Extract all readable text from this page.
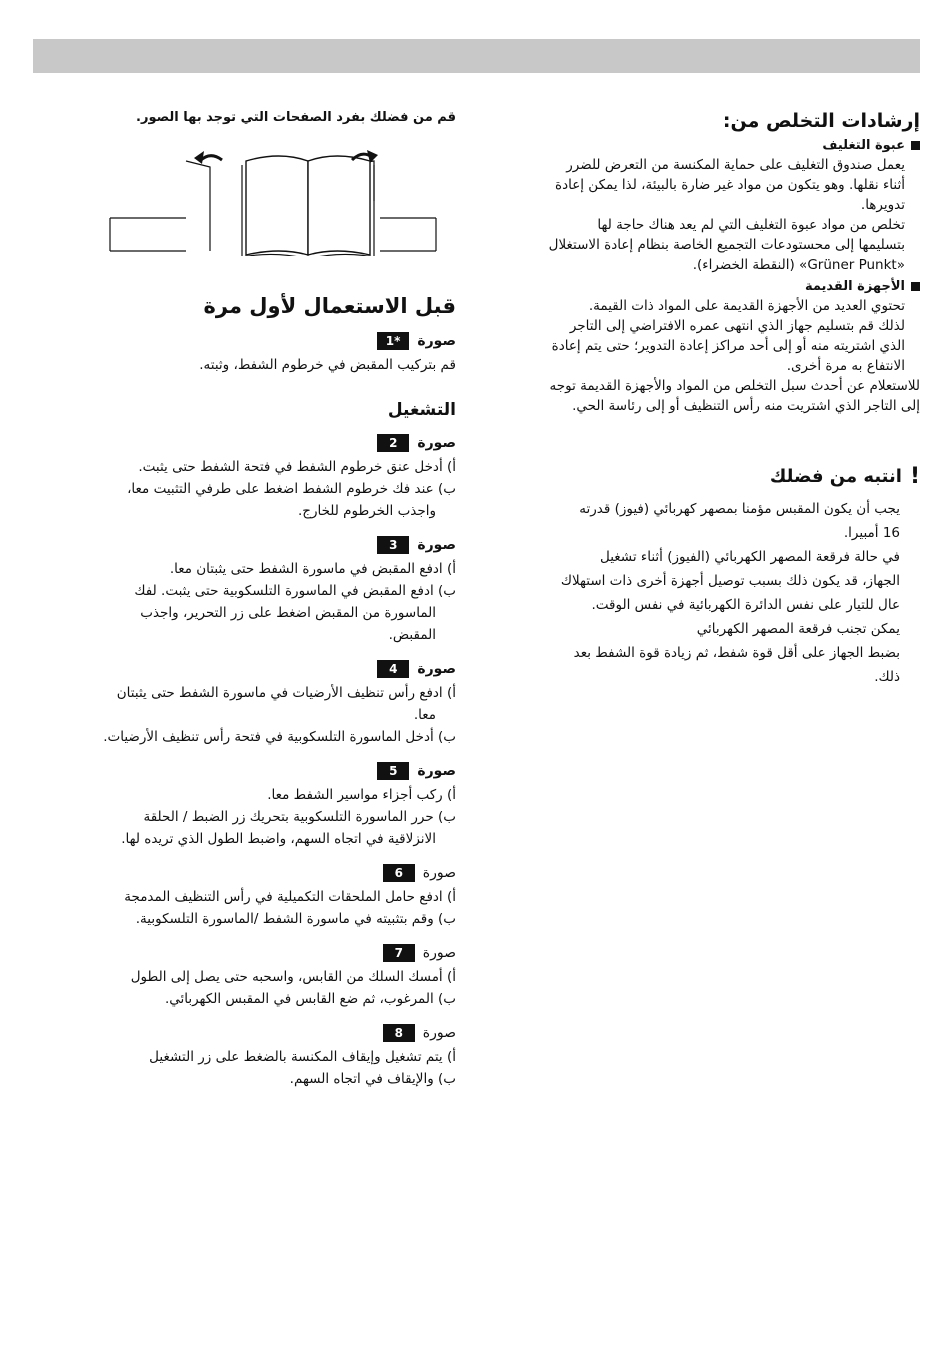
إرشادات التخلص من:
عبوة التغليف

يعمل صندوق التغليف على حماية المكنسة من التعرض للضرر

أثناء نقلها. وهو يتكون من مواد غير ضارة بالبيئة، لذا يمكن إعادة

تدويرها.

تخلص من مواد عبوة التغليف التي لم يعد هناك حاجة لها

بتسليمها إلى محستودعات التجميع الخاصة بنظام إعادة الاستغلال

«Grüner Punkt» (النقطة الخضراء).

الأجهزة القديمة

تحتوي العديد من الأجهزة القديمة على المواد ذات القيمة.

لذلك قم بتسليم جهاز الذي انتهى عمره الافتراضي إلى التاجر

الذي اشتريته منه أو إلى أحد مراكز إعادة التدوير؛ حتى يتم إعادة

الانتفاع به مرة أخرى.

للاستعلام عن أحدث سبل التخلص من المواد والأجهزة القديمة توجه

إلى التاجر الذي اشتريت منه رأس التنظيف أو إلى رئاسة الحي.

!
انتبه من فضلك

يجب أن يكون المقبس مؤمنا بمصهر كهربائي (فيوز) قدرته

16 أمبيرا.

في حالة فرقعة المصهر الكهربائي (الفيوز) أثناء تشغيل

الجهاز، قد يكون ذلك بسبب توصيل أجهزة أخرى ذات استهلاك

عال للتيار على نفس الدائرة الكهربائية في نفس الوقت.

يمكن تجنب فرقعة المصهر الكهربائي

بضبط الجهاز على أقل قوة شفط، ثم زيادة قوة الشفط بعد

ذلك.

قم من فضلك بفرد الصفحات التي توجد بها الصور.

قبل الاستعمال لأول مرة
صورة
*1

قم بتركيب المقبض في خرطوم الشفط، وثبته.

التشغيل
صورة
2

أ) أدخل عنق خرطوم الشفط في فتحة الشفط حتى يثبت.

ب) عند فك خرطوم الشفط اضغط على طرفي التثبيت معا،

واجذب الخرطوم للخارج.

صورة
3

أ) ادفع المقبض في ماسورة الشفط حتى يثبتان معا.

ب) ادفع المقبض في الماسورة التلسكوبية حتى يثبت. لفك

الماسورة من المقبض اضغط على زر التحرير، واجذب

المقبض.

صورة
4

أ) ادفع رأس تنظيف الأرضيات في ماسورة الشفط حتى يثبتان

معا.

ب) أدخل الماسورة التلسكوبية في فتحة رأس تنظيف الأرضيات.

صورة
5

أ) ركب أجزاء مواسير الشفط معا.

ب) حرر الماسورة التلسكوبية بتحريك زر الضبط / الحلقة

الانزلاقية في اتجاه السهم، واضبط الطول الذي تريده لها.

صورة
6

أ) ادفع حامل الملحقات التكميلية في رأس التنظيف المدمجة

ب) وقم بتثبيته في ماسورة الشفط /الماسورة التلسكوبية.

صورة
7

أ) أمسك السلك من القابس، واسحبه حتى يصل إلى الطول

ب) المرغوب، ثم ضع القابس في المقبس الكهربائي.

صورة
8

أ) يتم تشغيل وإيقاف المكنسة بالضغط على زر التشغيل

ب) والإيقاف في اتجاه السهم.
